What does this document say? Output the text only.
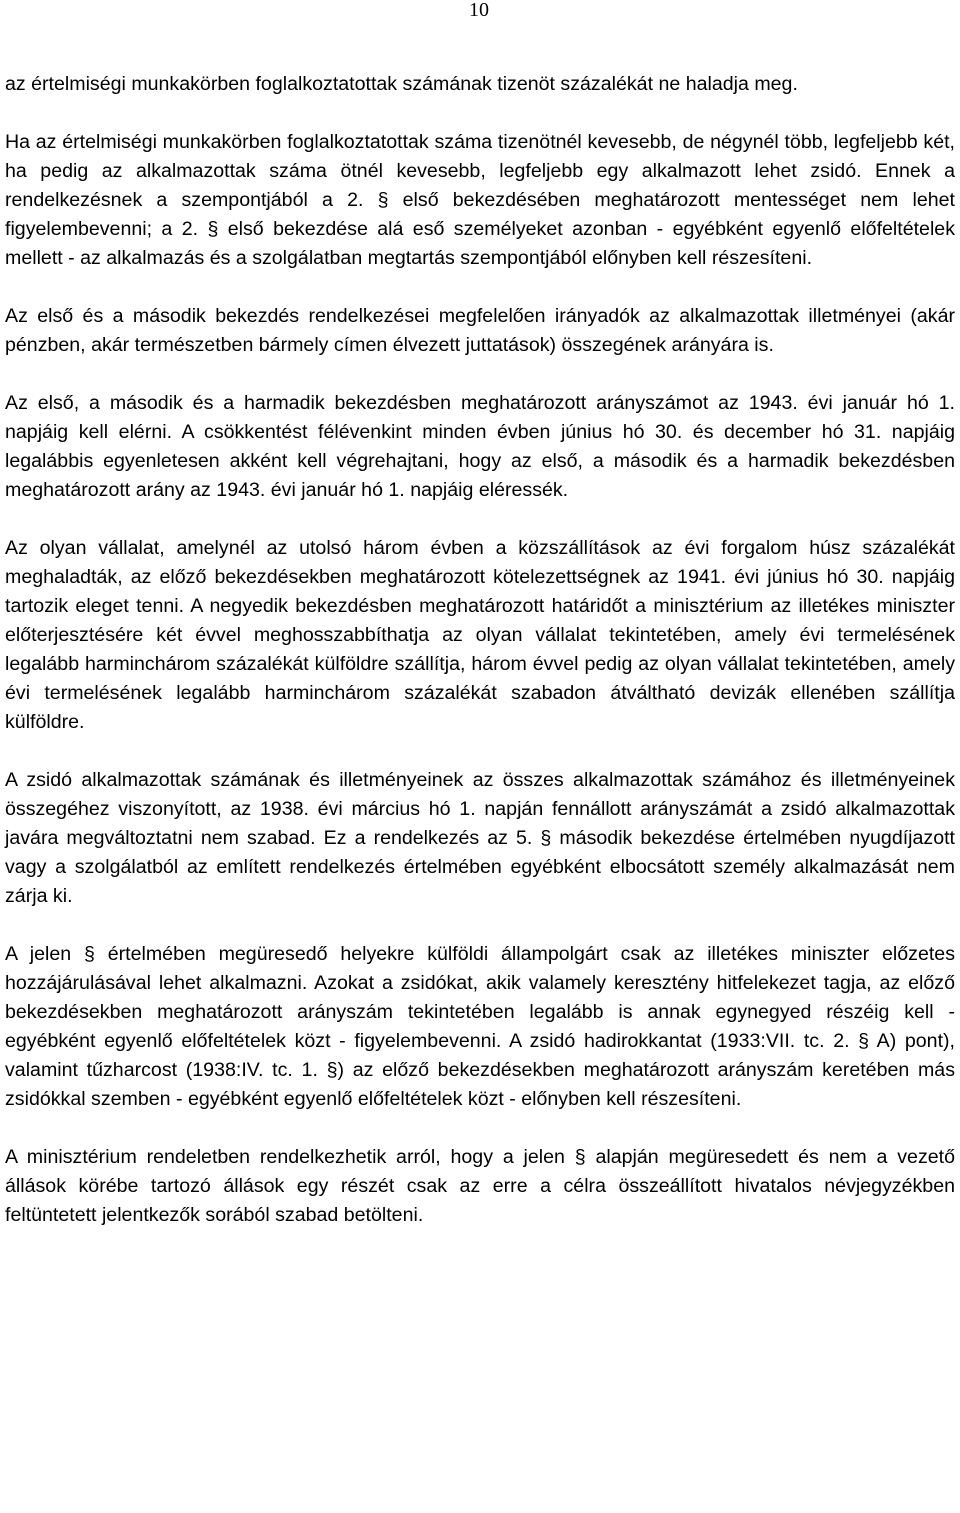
10

az értelmiségi munkakörben foglalkoztatottak számának tizenöt százalékát ne haladja meg.

Ha az értelmiségi munkakörben foglalkoztatottak száma tizenötnél kevesebb, de négynél több, legfeljebb két, ha pedig az alkalmazottak száma ötnél kevesebb, legfeljebb egy alkalmazott lehet zsidó. Ennek a rendelkezésnek a szempontjából a 2. § első bekezdésében meghatározott mentességet nem lehet figyelembevenni; a 2. § első bekezdése alá eső személyeket azonban - egyébként egyenlő előfeltételek mellett - az alkalmazás és a szolgálatban megtartás szempontjából előnyben kell részesíteni.

Az első és a második bekezdés rendelkezései megfelelően irányadók az alkalmazottak illetményei (akár pénzben, akár természetben bármely címen élvezett juttatások) összegének arányára is.

Az első, a második és a harmadik bekezdésben meghatározott arányszámot az 1943. évi január hó 1. napjáig kell elérni. A csökkentést félévenkint minden évben június hó 30. és december hó 31. napjáig legalábbis egyenletesen akként kell végrehajtani, hogy az első, a második és a harmadik bekezdésben meghatározott arány az 1943. évi január hó 1. napjáig eléressék.

Az olyan vállalat, amelynél az utolsó három évben a közszállítások az évi forgalom húsz százalékát meghaladták, az előző bekezdésekben meghatározott kötelezettségnek az 1941. évi június hó 30. napjáig tartozik eleget tenni. A negyedik bekezdésben meghatározott határidőt a minisztérium az illetékes miniszter előterjesztésére két évvel meghosszabbíthatja az olyan vállalat tekintetében, amely évi termelésének legalább harminchárom százalékát külföldre szállítja, három évvel pedig az olyan vállalat tekintetében, amely évi termelésének legalább harminchárom százalékát szabadon átváltható devizák ellenében szállítja külföldre.

A zsidó alkalmazottak számának és illetményeinek az összes alkalmazottak számához és illetményeinek összegéhez viszonyított, az 1938. évi március hó 1. napján fennállott arányszámát a zsidó alkalmazottak javára megváltoztatni nem szabad. Ez a rendelkezés az 5. § második bekezdése értelmében nyugdíjazott vagy a szolgálatból az említett rendelkezés értelmében egyébként elbocsátott személy alkalmazását nem zárja ki.

A jelen § értelmében megüresedő helyekre külföldi állampolgárt csak az illetékes miniszter előzetes hozzájárulásával lehet alkalmazni. Azokat a zsidókat, akik valamely keresztény hitfelekezet tagja, az előző bekezdésekben meghatározott arányszám tekintetében legalább is annak egynegyed részéig kell - egyébként egyenlő előfeltételek közt - figyelembevenni. A zsidó hadirokkantat (1933:VII. tc. 2. § A) pont), valamint tűzharcost (1938:IV. tc. 1. §) az előző bekezdésekben meghatározott arányszám keretében más zsidókkal szemben - egyébként egyenlő előfeltételek közt - előnyben kell részesíteni.

A minisztérium rendeletben rendelkezhetik arról, hogy a jelen § alapján megüresedett és nem a vezető állások körébe tartozó állások egy részét csak az erre a célra összeállított hivatalos névjegyzékben feltüntetett jelentkezők sorából szabad betölteni.
